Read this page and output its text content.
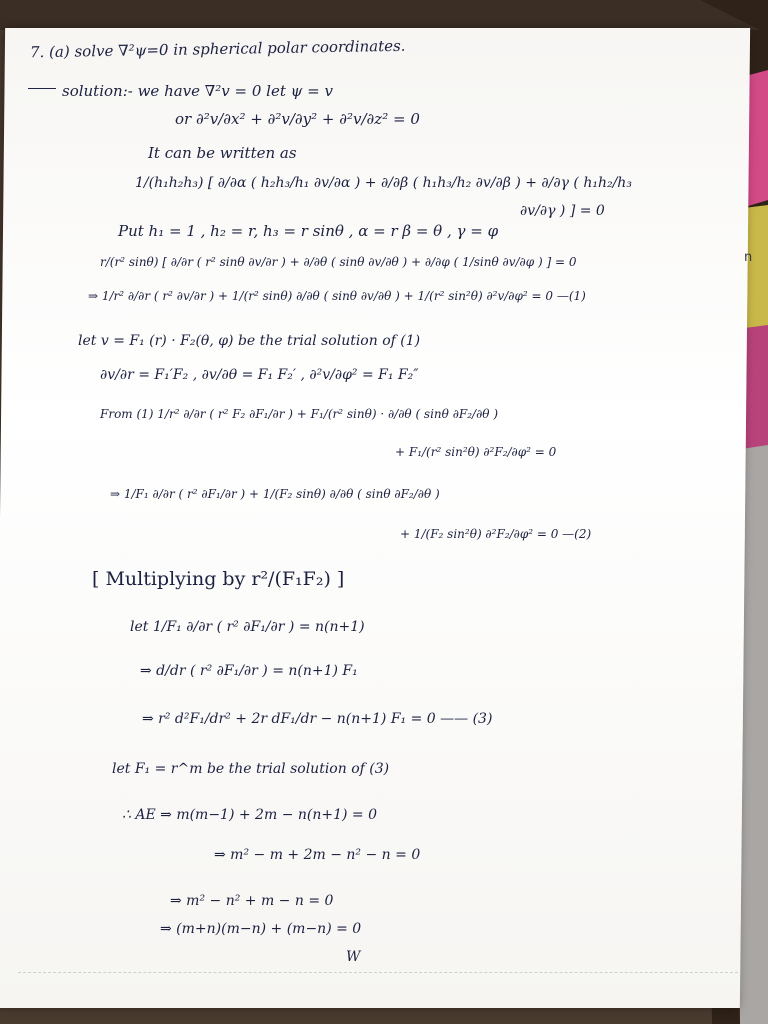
n
7. (a) solve ∇²ψ=0 in spherical polar coordinates.
solution:- we have ∇²v = 0 let ψ = v
or ∂²v/∂x² + ∂²v/∂y² + ∂²v/∂z² = 0
It can be written as
1/(h₁h₂h₃) [ ∂/∂α ( h₂h₃/h₁ ∂v/∂α ) + ∂/∂β ( h₁h₃/h₂ ∂v/∂β ) + ∂/∂γ ( h₁h₂/h₃
∂v/∂γ ) ] = 0
Put h₁ = 1 , h₂ = r, h₃ = r sinθ , α = r β = θ , γ = φ
r/(r² sinθ) [ ∂/∂r ( r² sinθ ∂v/∂r ) + ∂/∂θ ( sinθ ∂v/∂θ ) + ∂/∂φ ( 1/sinθ ∂v/∂φ ) ] = 0
⇒ 1/r² ∂/∂r ( r² ∂v/∂r ) + 1/(r² sinθ) ∂/∂θ ( sinθ ∂v/∂θ ) + 1/(r² sin²θ) ∂²v/∂φ² = 0 —(1)
let v = F₁ (r) · F₂(θ, φ) be the trial solution of (1)
∂v/∂r = F₁′F₂ , ∂v/∂θ = F₁ F₂′ , ∂²v/∂φ² = F₁ F₂″
From (1) 1/r² ∂/∂r ( r² F₂ ∂F₁/∂r ) + F₁/(r² sinθ) · ∂/∂θ ( sinθ ∂F₂/∂θ )
+ F₁/(r² sin²θ) ∂²F₂/∂φ² = 0
⇒ 1/F₁ ∂/∂r ( r² ∂F₁/∂r ) + 1/(F₂ sinθ) ∂/∂θ ( sinθ ∂F₂/∂θ )
+ 1/(F₂ sin²θ) ∂²F₂/∂φ² = 0 —(2)
[ Multiplying by r²/(F₁F₂) ]
let 1/F₁ ∂/∂r ( r² ∂F₁/∂r ) = n(n+1)
⇒ d/dr ( r² ∂F₁/∂r ) = n(n+1) F₁
⇒ r² d²F₁/dr² + 2r dF₁/dr − n(n+1) F₁ = 0 —— (3)
let F₁ = r^m be the trial solution of (3)
∴ AE ⇒ m(m−1) + 2m − n(n+1) = 0
⇒ m² − m + 2m − n² − n = 0
⇒ m² − n² + m − n = 0
⇒ (m+n)(m−n) + (m−n) = 0
W
